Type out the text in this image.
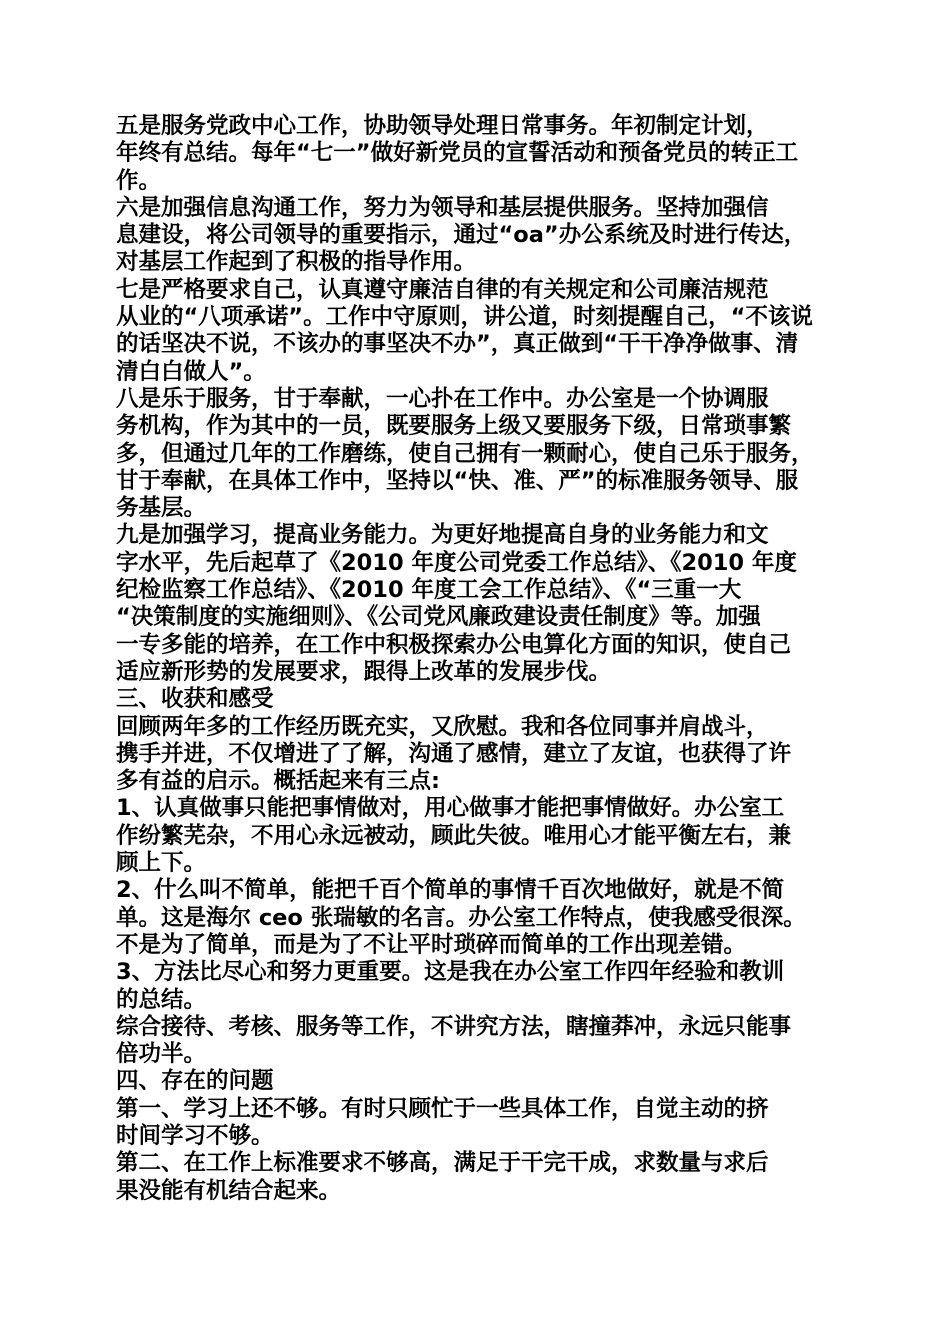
五是服务党政中心工作，协助领导处理日常事务。年初制定计划，
年终有总结。每年“七一”做好新党员的宣誓活动和预备党员的转正工
作。
六是加强信息沟通工作，努力为领导和基层提供服务。坚持加强信
息建设，将公司领导的重要指示，通过“oa”办公系统及时进行传达，
对基层工作起到了积极的指导作用。
七是严格要求自己，认真遵守廉洁自律的有关规定和公司廉洁规范
从业的“八项承诺”。工作中守原则，讲公道，时刻提醒自己，“不该说
的话坚决不说，不该办的事坚决不办”，真正做到“干干净净做事、清
清白白做人”。
八是乐于服务，甘于奉献，一心扑在工作中。办公室是一个协调服
务机构，作为其中的一员，既要服务上级又要服务下级，日常琐事繁
多，但通过几年的工作磨练，使自己拥有一颗耐心，使自己乐于服务，
甘于奉献，在具体工作中，坚持以“快、准、严”的标准服务领导、服
务基层。
九是加强学习，提高业务能力。为更好地提高自身的业务能力和文
字水平，先后起草了《2010 年度公司党委工作总结》、《2010 年度
纪检监察工作总结》、《2010 年度工会工作总结》、《“三重一大
“决策制度的实施细则》、《公司党风廉政建设责任制度》等。加强
一专多能的培养，在工作中积极探索办公电算化方面的知识，使自己
适应新形势的发展要求，跟得上改革的发展步伐。
三、收获和感受
回顾两年多的工作经历既充实，又欣慰。我和各位同事并肩战斗，
携手并进，不仅增进了了解，沟通了感情，建立了友谊，也获得了许
多有益的启示。概括起来有三点:
1、认真做事只能把事情做对，用心做事才能把事情做好。办公室工
作纷繁芜杂，不用心永远被动，顾此失彼。唯用心才能平衡左右，兼
顾上下。
2、什么叫不简单，能把千百个简单的事情千百次地做好，就是不简
单。这是海尔 ceo 张瑞敏的名言。办公室工作特点，使我感受很深。
不是为了简单，而是为了不让平时琐碎而简单的工作出现差错。
3、方法比尽心和努力更重要。这是我在办公室工作四年经验和教训
的总结。
综合接待、考核、服务等工作，不讲究方法，瞎撞莽冲，永远只能事
倍功半。
四、存在的问题
第一、学习上还不够。有时只顾忙于一些具体工作，自觉主动的挤
时间学习不够。
第二、在工作上标准要求不够高，满足于干完干成，求数量与求后
果没能有机结合起来。
